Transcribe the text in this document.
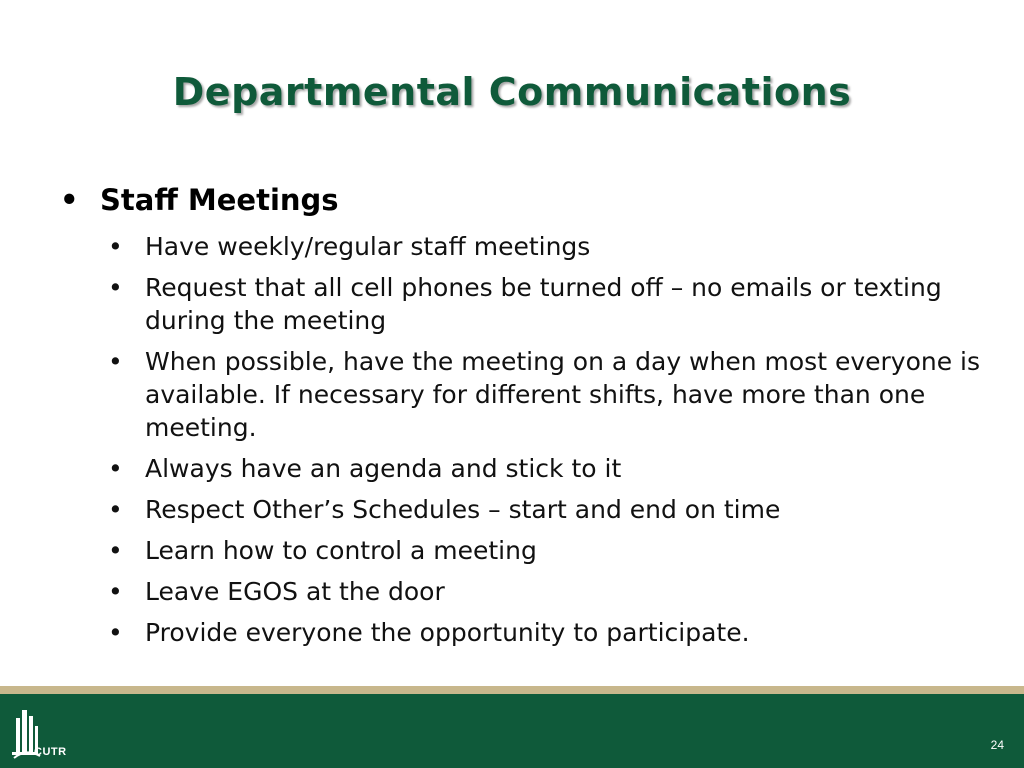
Departmental Communications
• Staff Meetings
• Have weekly/regular staff meetings
• Request that all cell phones be turned off – no emails or texting during the meeting
• When possible, have the meeting on a day when most everyone is available. If necessary for different shifts, have more than one meeting.
• Always have an agenda and stick to it
• Respect Other’s Schedules – start and end on time
• Learn how to control a meeting
• Leave EGOS at the door
• Provide everyone the opportunity to participate.
CUTR	24
